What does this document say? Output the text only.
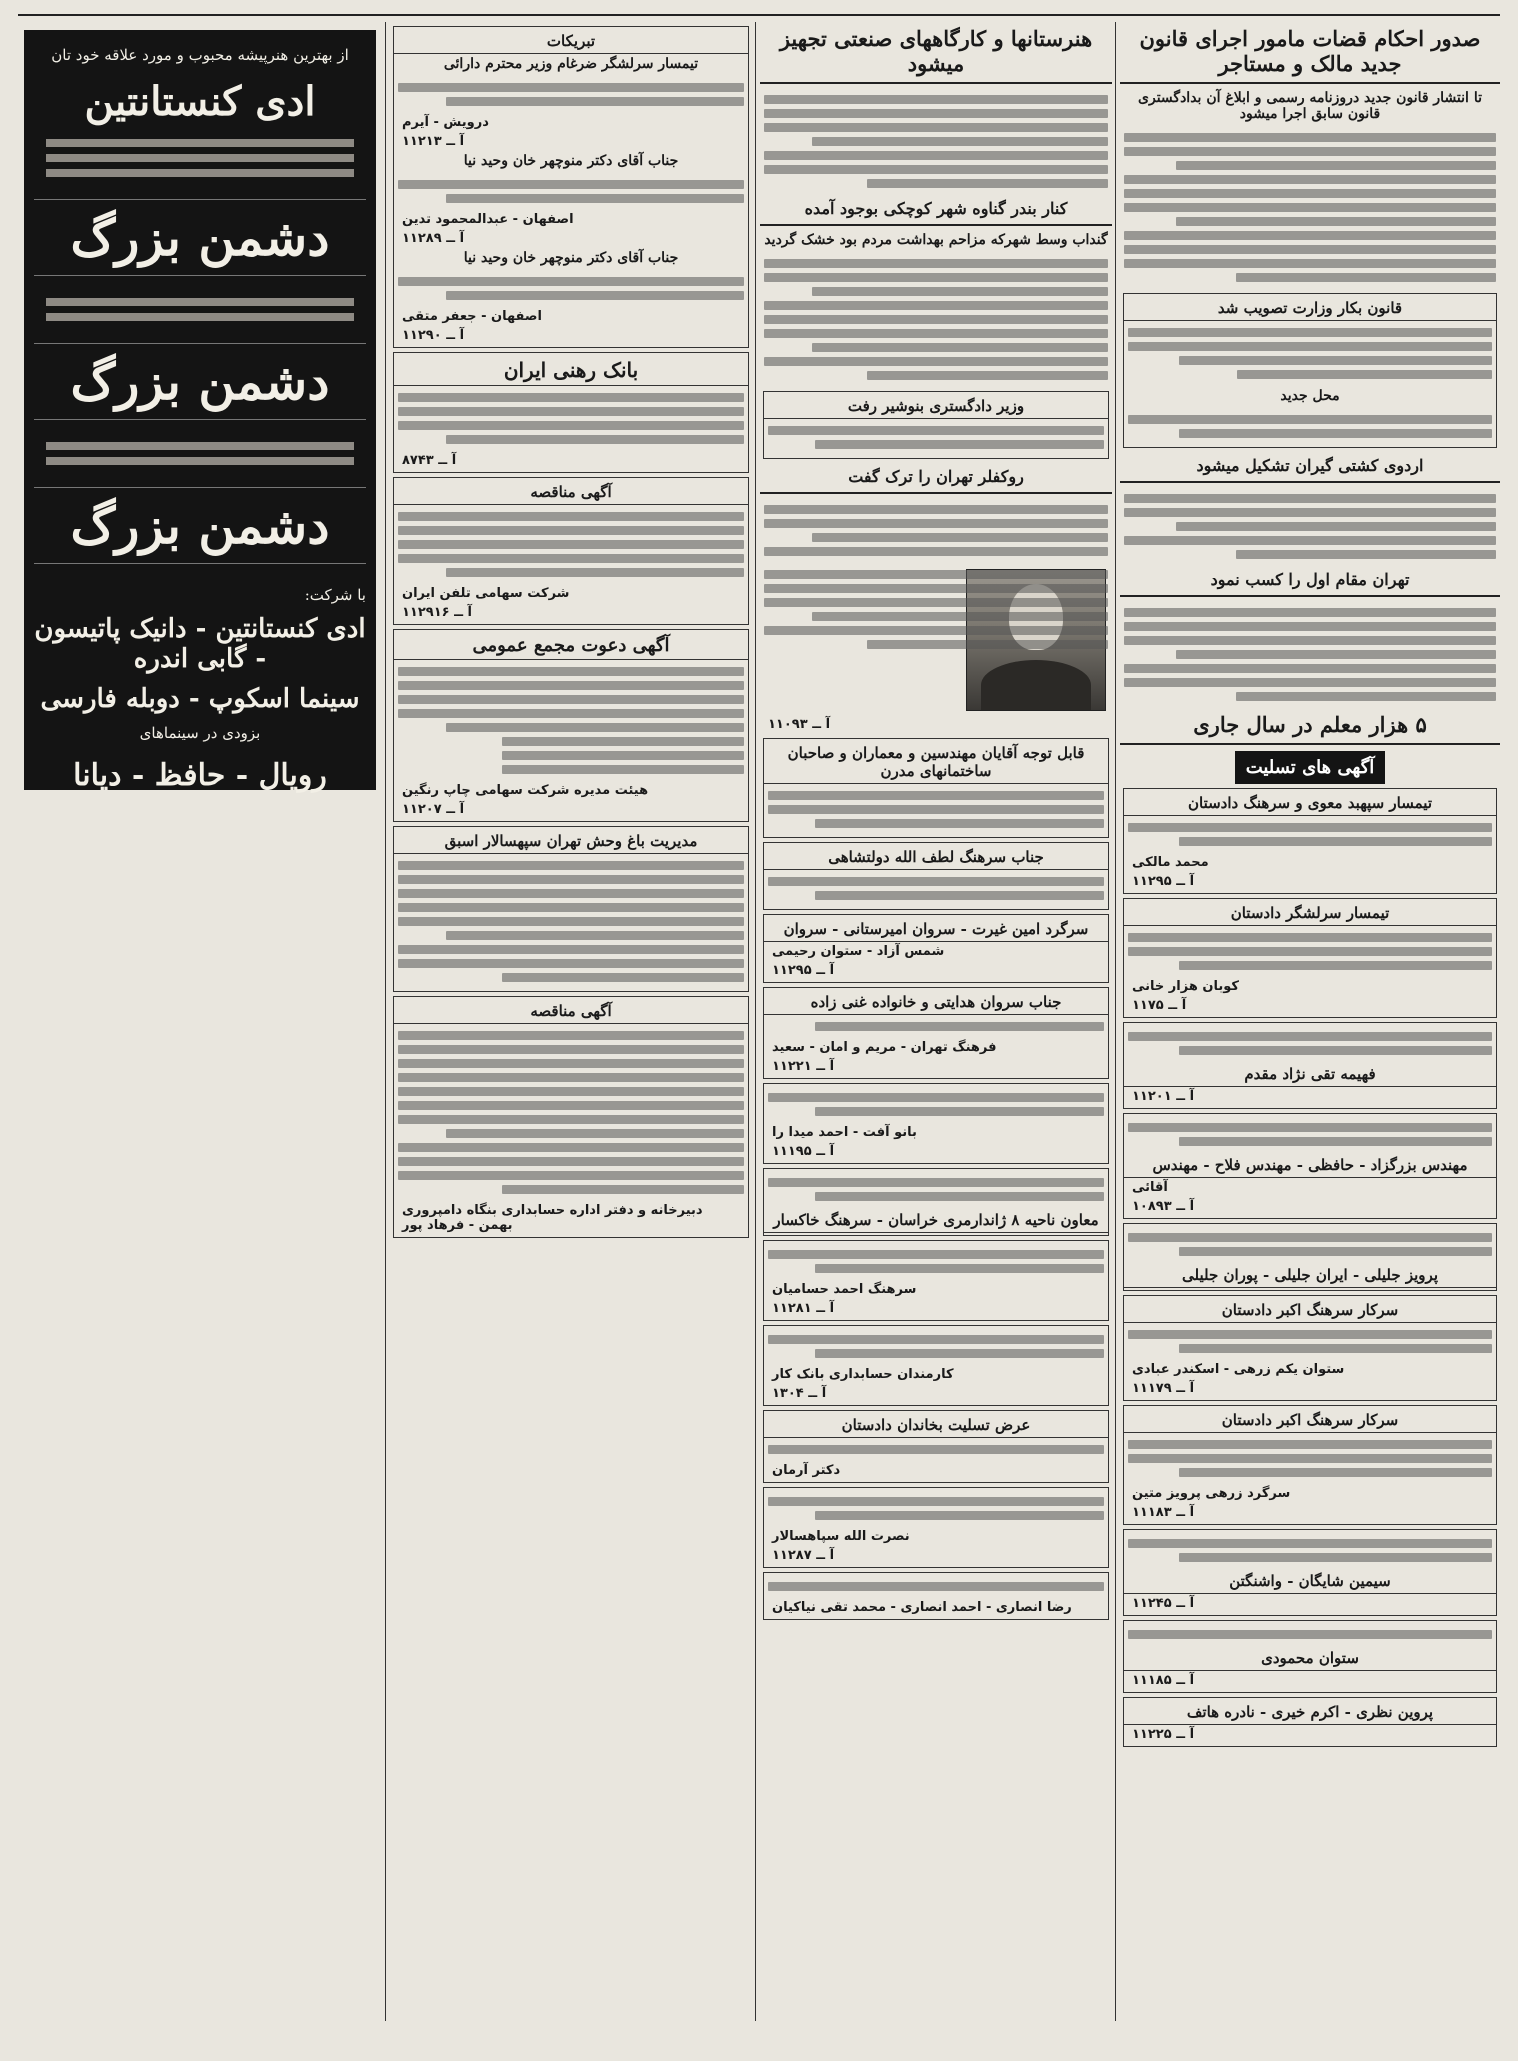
صدور احکام قضات مامور اجرای قانون جدید مالک و مستاجر
تا انتشار قانون جدید دروزنامه رسمی و ابلاغ آن بدادگستری قانون سابق اجرا میشود
قانون بکار وزارت تصویب شد
محل جدید
اردوی کشتی گیران تشکیل میشود
تهران مقام اول را کسب نمود
۵ هزار معلم در سال جاری
آگهی های تسلیت
تیمسار سپهبد معوی و سرهنگ دادستان
محمد مالکی
آ ــ ۱۱۲۹۵
تیمسار سرلشگر دادستان
کوبان هزار خانی
آ ــ ۱۱۷۵
فهیمه تقی نژاد مقدم
آ ــ ۱۱۲۰۱
مهندس بزرگزاد - حافظی - مهندس فلاح - مهندس
آقائی
آ ــ ۱۰۸۹۳
پرویز جلیلی - ایران جلیلی - پوران جلیلی
سرکار سرهنگ اکبر دادستان
ستوان یکم زرهی - اسکندر عبادی
آ ــ ۱۱۱۷۹
سرکار سرهنگ اکبر دادستان
سرگرد زرهی پرویز متین
آ ــ ۱۱۱۸۳
سیمین شایگان - واشنگتن
آ ــ ۱۱۲۴۵
ستوان محمودی
آ ــ ۱۱۱۸۵
پروین نظری - اکرم خیری - نادره هاتف
آ ــ ۱۱۲۲۵
هنرستانها و کارگاههای صنعتی تجهیز میشود
کنار بندر گناوه شهر کوچکی بوجود آمده
گنداب وسط شهرکه مزاحم بهداشت مردم بود خشک گردید
وزیر دادگستری بنوشیر رفت
روکفلر تهران را ترک گفت
آ ــ ۱۱۰۹۳
قابل توجه آقایان مهندسین و معماران و صاحبان ساختمانهای مدرن
جناب سرهنگ لطف الله دولتشاهی
سرگرد امین غیرت - سروان امیرستانی - سروان
شمس آزاد - ستوان رحیمی
آ ــ ۱۱۲۹۵
جناب سروان هدایتی و خانواده غنی زاده
فرهنگ تهران - مریم و امان - سعید
آ ــ ۱۱۲۲۱
بانو آفت - احمد میدا را
آ ــ ۱۱۱۹۵
معاون ناحیه ۸ ژاندارمری خراسان - سرهنگ خاکسار
سرهنگ احمد حسامیان
آ ــ ۱۱۲۸۱
کارمندان حسابداری بانک کار
آ ــ ۱۳۰۴
عرض تسلیت بخاندان دادستان
دکتر آرمان
نصرت الله سپاهسالار
آ ــ ۱۱۲۸۷
رضا انصاری - احمد انصاری - محمد تقی نیاکیان
تبریکات
تیمسار سرلشگر ضرغام وزیر محترم دارائی
درویش - آیرم
آ ــ ۱۱۲۱۳
جناب آقای دکتر منوچهر خان وحید نیا
اصفهان - عبدالمحمود تدین
آ ــ ۱۱۲۸۹
جناب آقای دکتر منوچهر خان وحید نیا
اصفهان - جعفر متقی
آ ــ ۱۱۲۹۰
بانک رهنی ایران
آ ــ ۸۷۴۳
آگهی مناقصه
شرکت سهامی تلفن ایران
آ ــ ۱۱۲۹۱۶
آگهی دعوت مجمع عمومی
هیئت مدیره شرکت سهامی چاپ رنگین
آ ــ ۱۱۲۰۷
مدیریت باغ وحش تهران سپهسالار اسبق
آگهی مناقصه
دبیرخانه و دفتر اداره حسابداری بنگاه دامپروری بهمن - فرهاد پور
از بهترین هنرپیشه محبوب و مورد علاقه خود تان
ادی کنستانتین
دشمن بزرگ
دشمن بزرگ
دشمن بزرگ
با شرکت:
ادی کنستانتین - دانیک پاتیسون - گابی اندره
سینما اسکوپ - دوبله فارسی
بزودی در سینماهای
رویال - حافظ - دیانا
